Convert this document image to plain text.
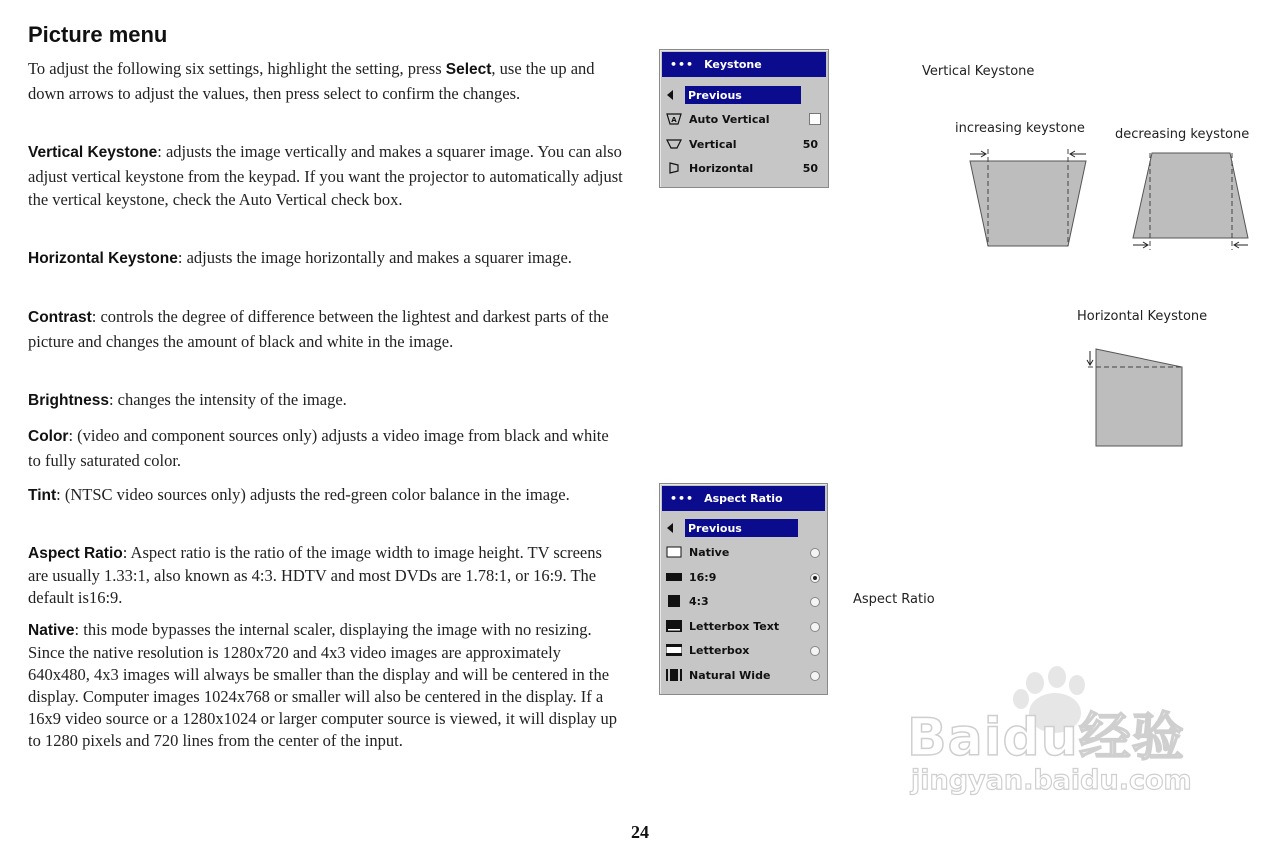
Picture menu
To adjust the following six settings, highlight the setting, press Select, use the up and down arrows to adjust the values, then press select to confirm the changes.
Vertical Keystone: adjusts the image vertically and makes a squarer image. You can also adjust vertical keystone from the keypad. If you want the projector to automatically adjust the vertical keystone, check the Auto Vertical check box.
Horizontal Keystone: adjusts the image horizontally and makes a squarer image.
Contrast: controls the degree of difference between the lightest and darkest parts of the picture and changes the amount of black and white in the image.
Brightness: changes the intensity of the image.
Color: (video and component sources only) adjusts a video image from black and white to fully saturated color.
Tint: (NTSC video sources only) adjusts the red-green color balance in the image.
Aspect Ratio: Aspect ratio is the ratio of the image width to image height. TV screens are usually 1.33:1, also known as 4:3. HDTV and most DVDs are 1.78:1, or 16:9. The default is16:9.
Native: this mode bypasses the internal scaler, displaying the image with no resizing. Since the native resolution is 1280x720 and 4x3 video images are approximately 640x480, 4x3 images will always be smaller than the display and will be centered in the display. Computer images 1024x768 or smaller will also be centered in the display. If a 16x9 video source or a 1280x1024 or larger computer source is viewed, it will display up to 1280 pixels and 720 lines from the center of the input.
••• Keystone
Previous
A Auto Vertical
Vertical	50
Horizontal	50
Vertical Keystone
increasing keystone decreasing keystone
Horizontal Keystone
••• Aspect Ratio
Previous
Native
16:9
4:3
Letterbox Text
Letterbox
Natural Wide
Aspect Ratio
Baidu经验
jingyan.baidu.com
24
